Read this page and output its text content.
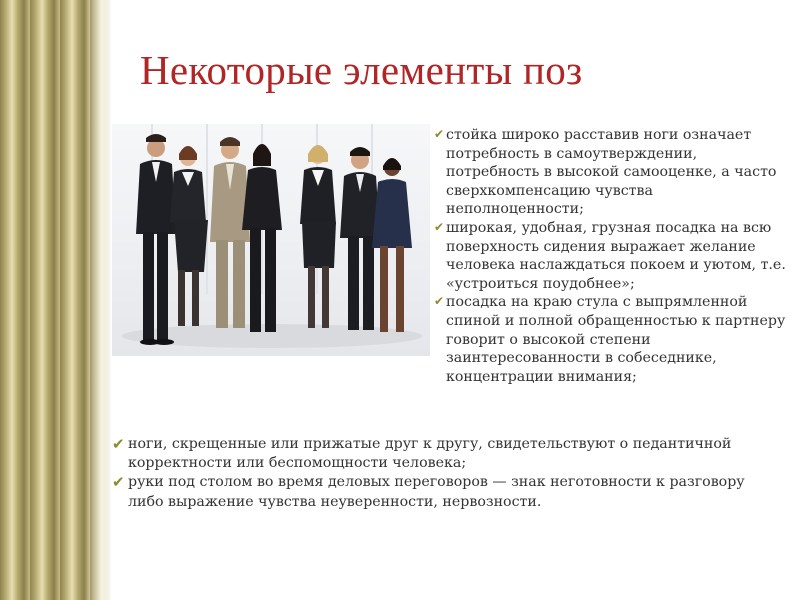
Некоторые элементы поз
✔ стойка широко расставив ноги означает потребность в самоутверждении, потребность в высокой самооценке, а часто сверхкомпенсацию чувства неполноценности;
✔ широкая, удобная, грузная посадка на всю поверхность сидения выражает желание человека наслаждаться покоем и уютом, т.е. «устроиться поудобнее»;
✔ посадка на краю стула с выпрямленной спиной и полной обращенностью к партнеру говорит о высокой степени заинтересованности в собеседнике, концентрации внимания;
✔ ноги, скрещенные или прижатые друг к другу, свидетельствуют о педантичной корректности или беспомощности человека;
✔ руки под столом во время деловых переговоров — знак неготовности к разговору либо выражение чувства неуверенности, нервозности.
